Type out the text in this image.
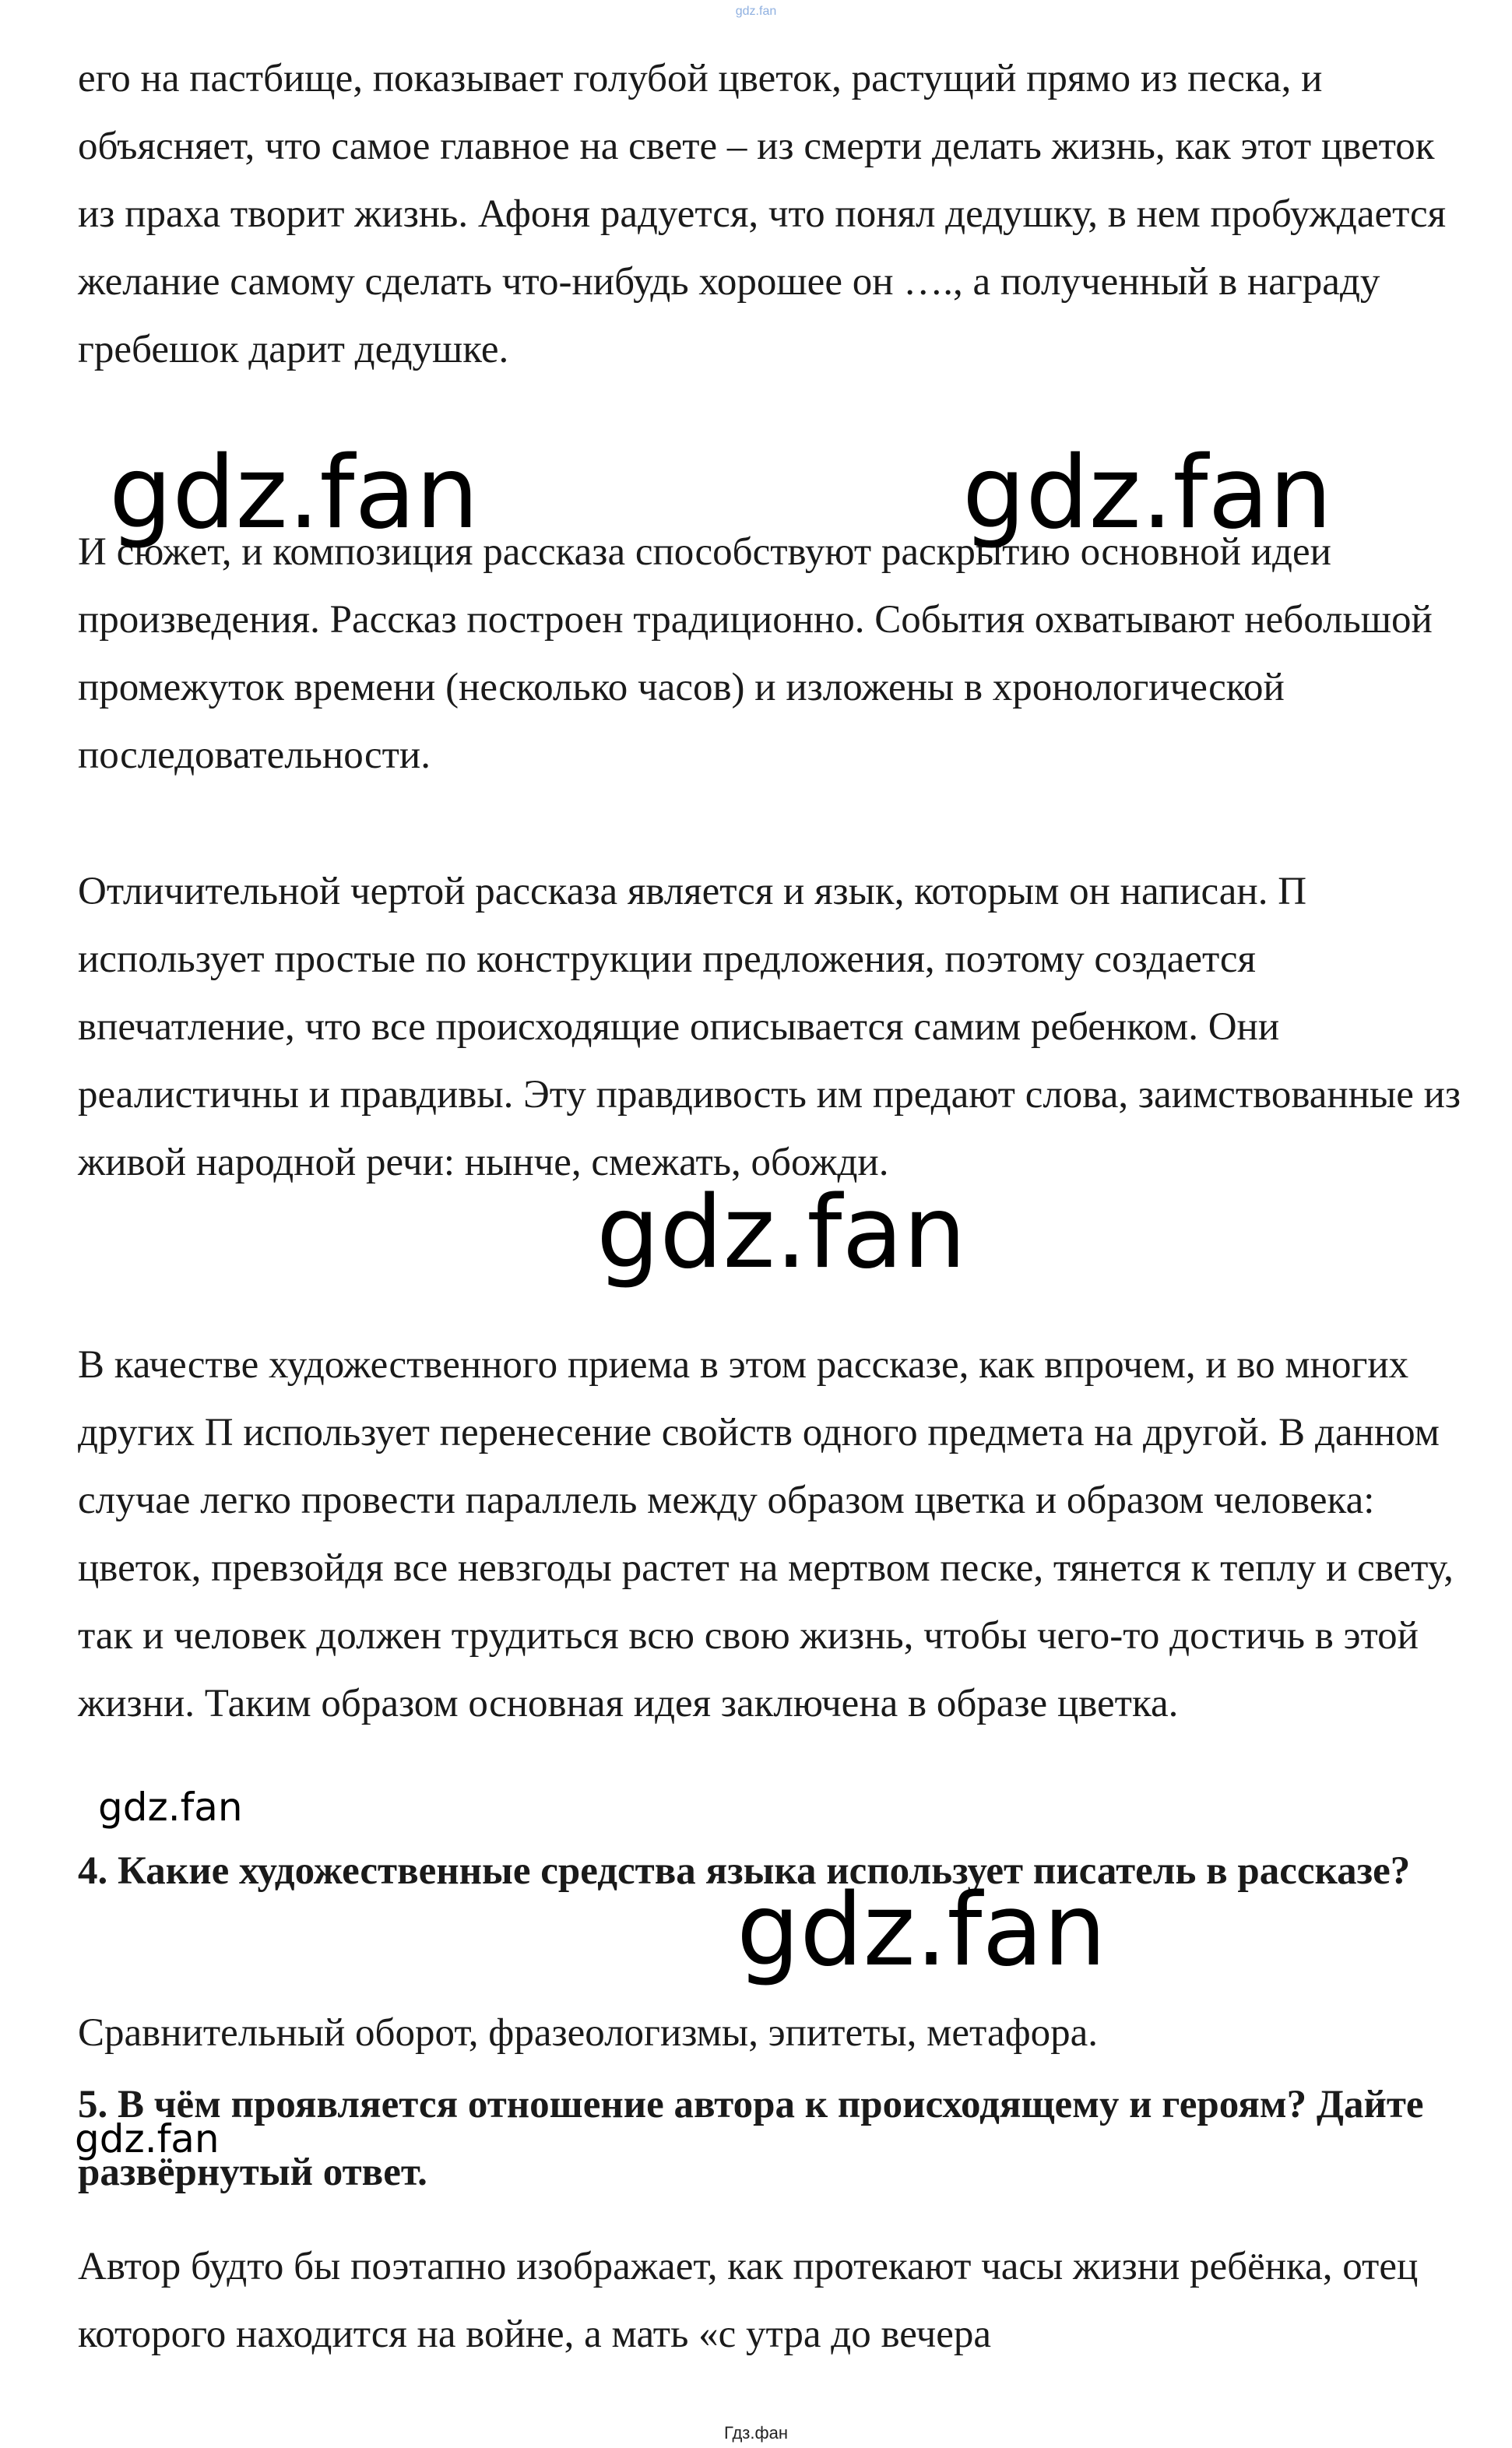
gdz.fan

его на пастбище, показывает голубой цветок, растущий прямо из песка, и объясняет, что самое главное на свете – из смерти делать жизнь, как этот цветок из праха творит жизнь. Афоня радуется, что понял дедушку, в нем пробуждается желание самому сделать что-нибудь хорошее он …., а полученный в награду гребешок дарит дедушке.

И сюжет, и композиция рассказа способствуют раскрытию основной идеи произведения. Рассказ построен традиционно. События охватывают небольшой промежуток времени (несколько часов) и изложены в хронологической последовательности.

Отличительной чертой рассказа является и язык, которым он написан. П использует простые по конструкции предложения, поэтому создается впечатление, что все происходящие описывается самим ребенком. Они реалистичны и правдивы. Эту правдивость им предают слова, заимствованные из живой народной речи: нынче, смежать, обожди.

В качестве художественного приема в этом рассказе, как впрочем, и во многих других П использует перенесение свойств одного предмета на другой. В данном случае легко провести параллель между образом цветка и образом человека: цветок, превзойдя все невзгоды растет на мертвом песке, тянется к теплу и свету, так и человек должен трудиться всю свою жизнь, чтобы чего-то достичь в этой жизни. Таким образом основная идея заключена в образе цветка.

4. Какие художественные средства языка использует писатель в рассказе?

Сравнительный оборот, фразеологизмы, эпитеты, метафора.

5. В чём проявляется отношение автора к происходящему и героям? Дайте развёрнутый ответ.

Автор будто бы поэтапно изображает, как протекают часы жизни ребёнка, отец которого находится на войне, а мать «с утра до вечера

gdz.fan	gdz.fan
gdz.fan
gdz.fan
gdz.fan
gdz.fan
Гдз.фан
